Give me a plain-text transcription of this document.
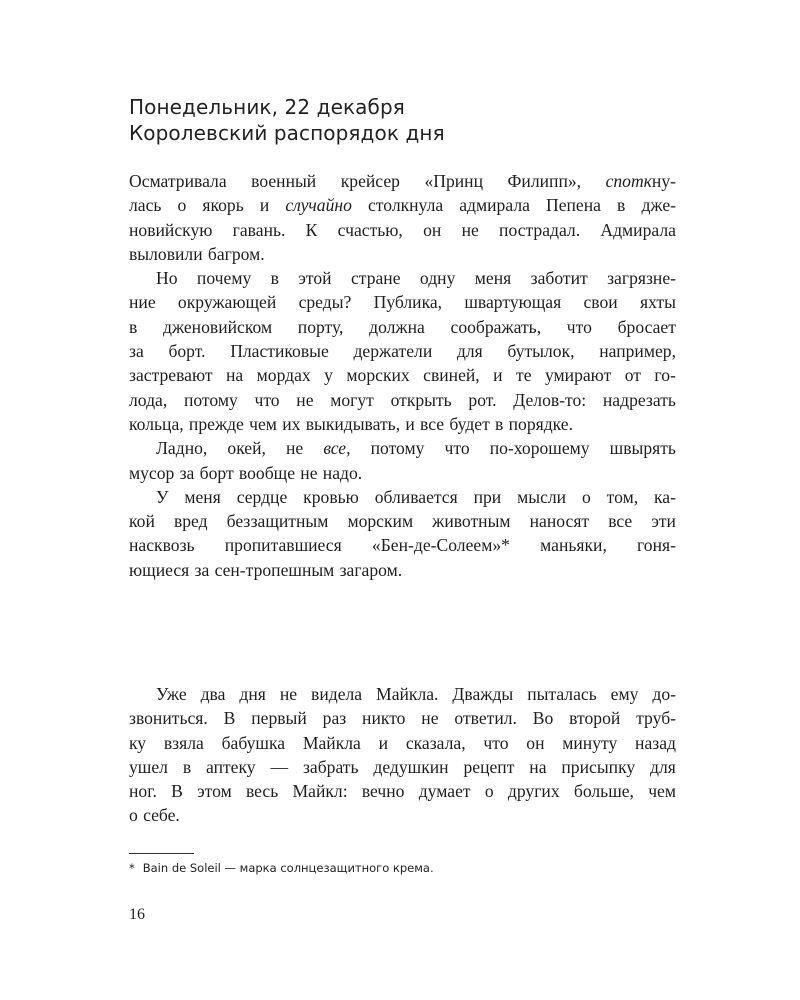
Понедельник, 22 декабря
Королевский распорядок дня
Осматривала военный крейсер «Принц Филипп», споткну-
лась о якорь и случайно столкнула адмирала Пепена в дже-
новийскую гавань. К счастью, он не пострадал. Адмирала
выловили багром.
Но почему в этой стране одну меня заботит загрязне-
ние окружающей среды? Публика, швартующая свои яхты
в дженовийском порту, должна соображать, что бросает
за борт. Пластиковые держатели для бутылок, например,
застревают на мордах у морских свиней, и те умирают от го-
лода, потому что не могут открыть рот. Делов-то: надрезать
кольца, прежде чем их выкидывать, и все будет в порядке.
Ладно, окей, не все, потому что по-хорошему швырять
мусор за борт вообще не надо.
У меня сердце кровью обливается при мысли о том, ка-
кой вред беззащитным морским животным наносят все эти
насквозь пропитавшиеся «Бен-де-Солеем»* маньяки, гоня-
ющиеся за сен-тропешным загаром.
Уже два дня не видела Майкла. Дважды пыталась ему до-
звониться. В первый раз никто не ответил. Во второй труб-
ку взяла бабушка Майкла и сказала, что он минуту назад
ушел в аптеку — забрать дедушкин рецепт на присыпку для
ног. В этом весь Майкл: вечно думает о других больше, чем
о себе.
* Bain de Soleil — марка солнцезащитного крема.
16
